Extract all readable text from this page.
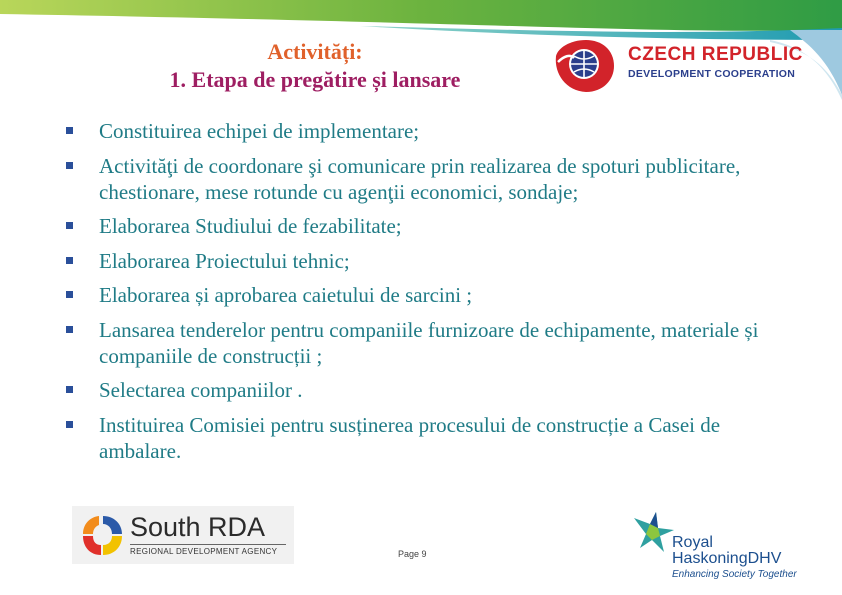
Activități:
1. Etapa de pregătire și lansare
CZECH REPUBLIC
DEVELOPMENT COOPERATION
Constituirea echipei de implementare;
Activităţi de coordonare şi comunicare prin realizarea de spoturi publicitare, chestionare, mese rotunde cu agenţii economici, sondaje;
Elaborarea Studiului de fezabilitate;
Elaborarea Proiectului tehnic;
Elaborarea și aprobarea caietului de sarcini ;
Lansarea tenderelor pentru companiile furnizoare de echipamente, materiale și companiile de construcții ;
Selectarea companiilor .
Instituirea Comisiei pentru susținerea procesului de construcție a Casei de ambalare.
South RDA
REGIONAL DEVELOPMENT AGENCY	Page 9
Royal
HaskoningDHV
Enhancing Society Together
